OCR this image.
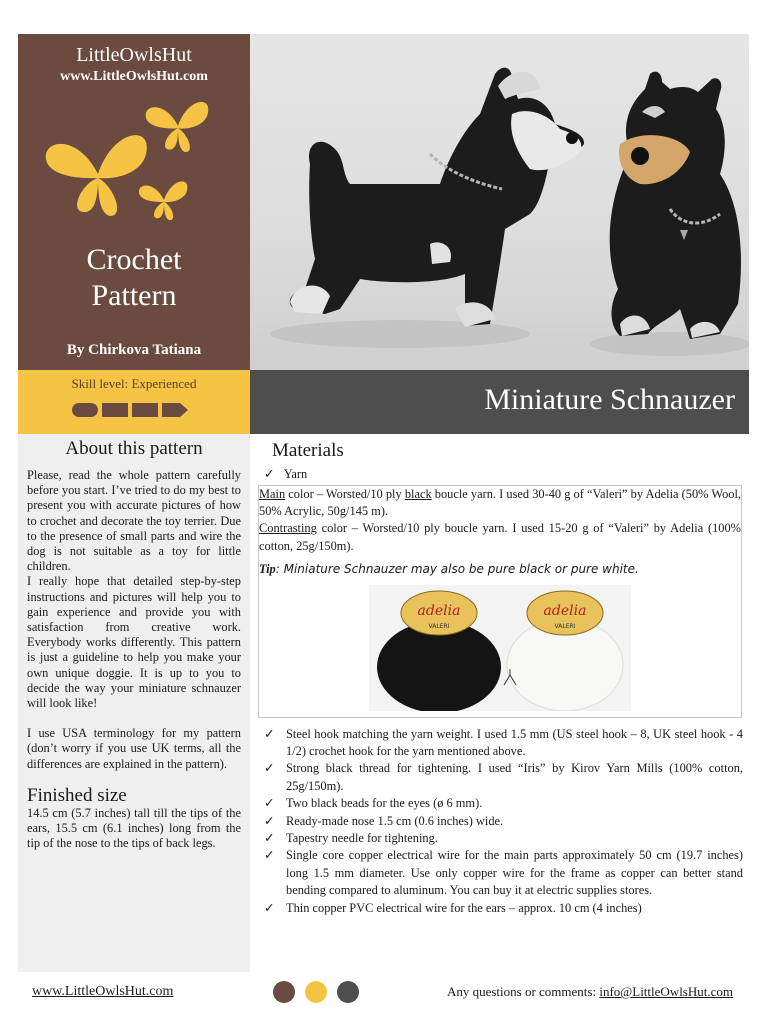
LittleOwlsHut
www.LittleOwlsHut.com
Crochet
Pattern
By Chirkova Tatiana
Skill level: Experienced	Miniature Schnauzer
About this pattern

Please, read the whole pattern carefully before you start. I’ve tried to do my best to present you with accurate pictures of how to crochet and decorate the toy terrier. Due to the presence of small parts and wire the dog is not suitable as a toy for little children.

I really hope that detailed step-by-step instructions and pictures will help you to gain experience and provide you with satisfaction from creative work. Everybody works differently. This pattern is just a guideline to help you make your own unique doggie. It is up to you to decide the way your miniature schnauzer will look like!

I use USA terminology for my pattern (don’t worry if you use UK terms, all the differences are explained in the pattern).

Finished size

14.5 cm (5.7 inches) tall till the tips of the ears, 15.5 cm (6.1 inches) long from the tip of the nose to the tips of back legs.

Materials
✓ Yarn

Main color – Worsted/10 ply black boucle yarn. I used 30-40 g of “Valeri” by Adelia (50% Wool, 50% Acrylic, 50g/145 m).

Contrasting color – Worsted/10 ply boucle yarn. I used 15-20 g of “Valeri” by Adelia (100% cotton, 25g/150m).

Tip: Miniature Schnauzer may also be pure black or pure white.

adelia
VALERI
adelia
VALERI
✓ Steel hook matching the yarn weight. I used 1.5 mm (US steel hook – 8, UK steel hook - 4 1/2) crochet hook for the yarn mentioned above.
✓ Strong black thread for tightening. I used “Iris” by Kirov Yarn Mills (100% cotton, 25g/150m).
✓ Two black beads for the eyes (ø 6 mm).
✓ Ready-made nose 1.5 cm (0.6 inches) wide.
✓ Tapestry needle for tightening.
✓ Single core copper electrical wire for the main parts approximately 50 cm (19.7 inches) long 1.5 mm diameter. Use only copper wire for the frame as copper can better stand bending compared to aluminum. You can buy it at electric supplies stores.
✓ Thin copper PVC electrical wire for the ears – approx. 10 cm (4 inches)
www.LittleOwlsHut.com	Any questions or comments: info@LittleOwlsHut.com
